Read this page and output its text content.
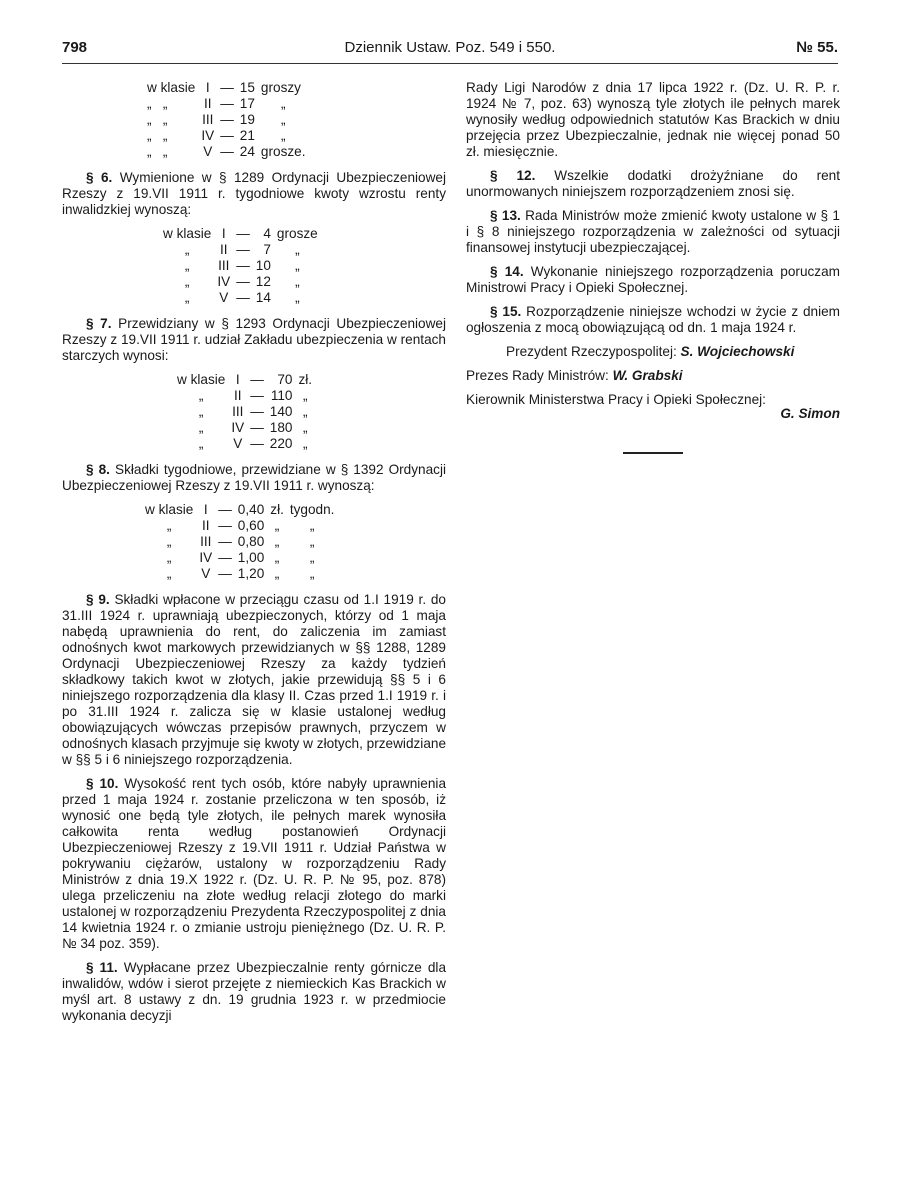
798	Dziennik Ustaw. Poz. 549 i 550.	№ 55.
w klasie	I	—	15	groszy
„ „	II	—	17	„
„ „	III	—	19	„
„ „	IV	—	21	„
„ „	V	—	24	grosze.

§ 6. Wymienione w § 1289 Ordynacji Ubezpieczeniowej Rzeszy z 19.VII 1911 r. tygodniowe kwoty wzrostu renty inwalidzkiej wynoszą:

w klasie	I	—	4	grosze
„	II	—	7	„
„	III	—	10	„
„	IV	—	12	„
„	V	—	14	„

§ 7. Przewidziany w § 1293 Ordynacji Ubezpieczeniowej Rzeszy z 19.VII 1911 r. udział Zakładu ubezpieczenia w rentach starczych wynosi:

w klasie	I	—	70	zł.
„	II	—	110	„
„	III	—	140	„
„	IV	—	180	„
„	V	—	220	„

§ 8. Składki tygodniowe, przewidziane w § 1392 Ordynacji Ubezpieczeniowej Rzeszy z 19.VII 1911 r. wynoszą:

w klasie	I	—	0,40	zł.	tygodn.
„	II	—	0,60	„	„
„	III	—	0,80	„	„
„	IV	—	1,00	„	„
„	V	—	1,20	„	„

§ 9. Składki wpłacone w przeciągu czasu od 1.I 1919 r. do 31.III 1924 r. uprawniają ubezpieczonych, którzy od 1 maja nabędą uprawnienia do rent, do zaliczenia im zamiast odnośnych kwot markowych przewidzianych w §§ 1288, 1289 Ordynacji Ubezpieczeniowej Rzeszy za każdy tydzień składkowy takich kwot w złotych, jakie przewidują §§ 5 i 6 niniejszego rozporządzenia dla klasy II. Czas przed 1.I 1919 r. i po 31.III 1924 r. zalicza się w klasie ustalonej według obowiązujących wówczas przepisów prawnych, przyczem w odnośnych klasach przyjmuje się kwoty w złotych, przewidziane w §§ 5 i 6 niniejszego rozporządzenia.

§ 10. Wysokość rent tych osób, które nabyły uprawnienia przed 1 maja 1924 r. zostanie przeliczona w ten sposób, iż wynosić one będą tyle złotych, ile pełnych marek wynosiła całkowita renta według postanowień Ordynacji Ubezpieczeniowej Rzeszy z 19.VII 1911 r. Udział Państwa w pokrywaniu ciężarów, ustalony w rozporządzeniu Rady Ministrów z dnia 19.X 1922 r. (Dz. U. R. P. № 95, poz. 878) ulega przeliczeniu na złote według relacji złotego do marki ustalonej w rozporządzeniu Prezydenta Rzeczypospolitej z dnia 14 kwietnia 1924 r. o zmianie ustroju pieniężnego (Dz. U. R. P. № 34 poz. 359).

§ 11. Wypłacane przez Ubezpieczalnie renty górnicze dla inwalidów, wdów i sierot przejęte z niemieckich Kas Brackich w myśl art. 8 ustawy z dn. 19 grudnia 1923 r. w przedmiocie wykonania decyzji

Rady Ligi Narodów z dnia 17 lipca 1922 r. (Dz. U. R. P. r. 1924 № 7, poz. 63) wynoszą tyle złotych ile pełnych marek wynosiły według odpowiednich statutów Kas Brackich w dniu przejęcia przez Ubezpieczalnie, jednak nie więcej ponad 50 zł. miesięcznie.

§ 12. Wszelkie dodatki drożyźniane do rent unormowanych niniejszem rozporządzeniem znosi się.

§ 13. Rada Ministrów może zmienić kwoty ustalone w § 1 i § 8 niniejszego rozporządzenia w zależności od sytuacji finansowej instytucji ubezpieczającej.

§ 14. Wykonanie niniejszego rozporządzenia poruczam Ministrowi Pracy i Opieki Społecznej.

§ 15. Rozporządzenie niniejsze wchodzi w życie z dniem ogłoszenia z mocą obowiązującą od dn. 1 maja 1924 r.

Prezydent Rzeczypospolitej: S. Wojciechowski

Prezes Rady Ministrów: W. Grabski

Kierownik Ministerstwa Pracy i Opieki Społecznej:

G. Simon
